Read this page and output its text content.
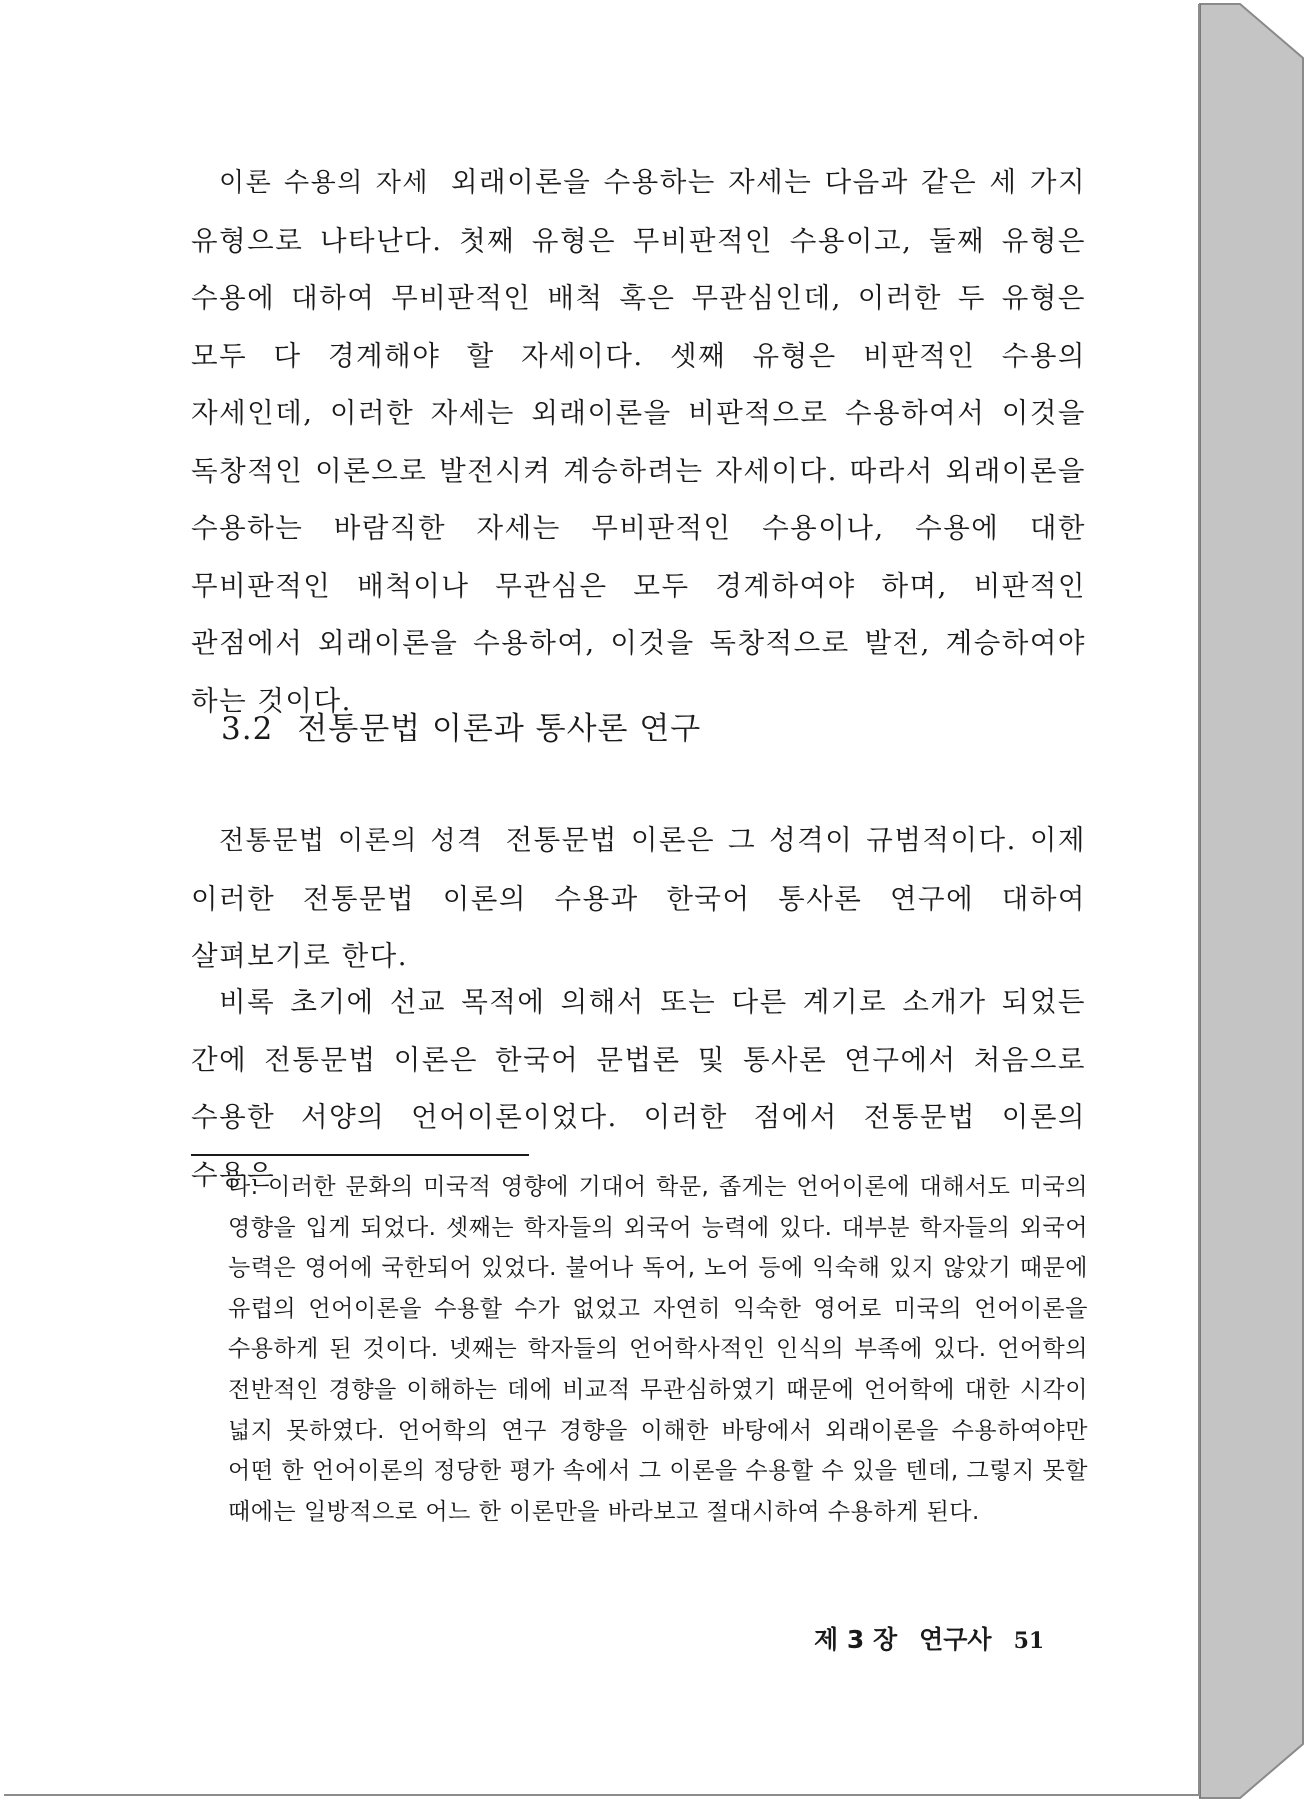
이론 수용의 자세 외래이론을 수용하는 자세는 다음과 같은 세 가지 유형으로 나타난다. 첫째 유형은 무비판적인 수용이고, 둘째 유형은 수용에 대하여 무비판적인 배척 혹은 무관심인데, 이러한 두 유형은 모두 다 경계해야 할 자세이다. 셋째 유형은 비판적인 수용의 자세인데, 이러한 자세는 외래이론을 비판적으로 수용하여서 이것을 독창적인 이론으로 발전시켜 계승하려는 자세이다. 따라서 외래이론을 수용하는 바람직한 자세는 무비판적인 수용이나, 수용에 대한 무비판적인 배척이나 무관심은 모두 경계하여야 하며, 비판적인 관점에서 외래이론을 수용하여, 이것을 독창적으로 발전, 계승하여야 하는 것이다.

3.2 전통문법 이론과 통사론 연구

전통문법 이론의 성격 전통문법 이론은 그 성격이 규범적이다. 이제 이러한 전통문법 이론의 수용과 한국어 통사론 연구에 대하여 살펴보기로 한다.

비록 초기에 선교 목적에 의해서 또는 다른 계기로 소개가 되었든 간에 전통문법 이론은 한국어 문법론 및 통사론 연구에서 처음으로 수용한 서양의 언어이론이었다. 이러한 점에서 전통문법 이론의 수용은

다. 이러한 문화의 미국적 영향에 기대어 학문, 좁게는 언어이론에 대해서도 미국의 영향을 입게 되었다. 셋째는 학자들의 외국어 능력에 있다. 대부분 학자들의 외국어 능력은 영어에 국한되어 있었다. 불어나 독어, 노어 등에 익숙해 있지 않았기 때문에 유럽의 언어이론을 수용할 수가 없었고 자연히 익숙한 영어로 미국의 언어이론을 수용하게 된 것이다. 넷째는 학자들의 언어학사적인 인식의 부족에 있다. 언어학의 전반적인 경향을 이해하는 데에 비교적 무관심하였기 때문에 언어학에 대한 시각이 넓지 못하였다. 언어학의 연구 경향을 이해한 바탕에서 외래이론을 수용하여야만 어떤 한 언어이론의 정당한 평가 속에서 그 이론을 수용할 수 있을 텐데, 그렇지 못할 때에는 일방적으로 어느 한 이론만을 바라보고 절대시하여 수용하게 된다.

제 3 장 연구사 51
